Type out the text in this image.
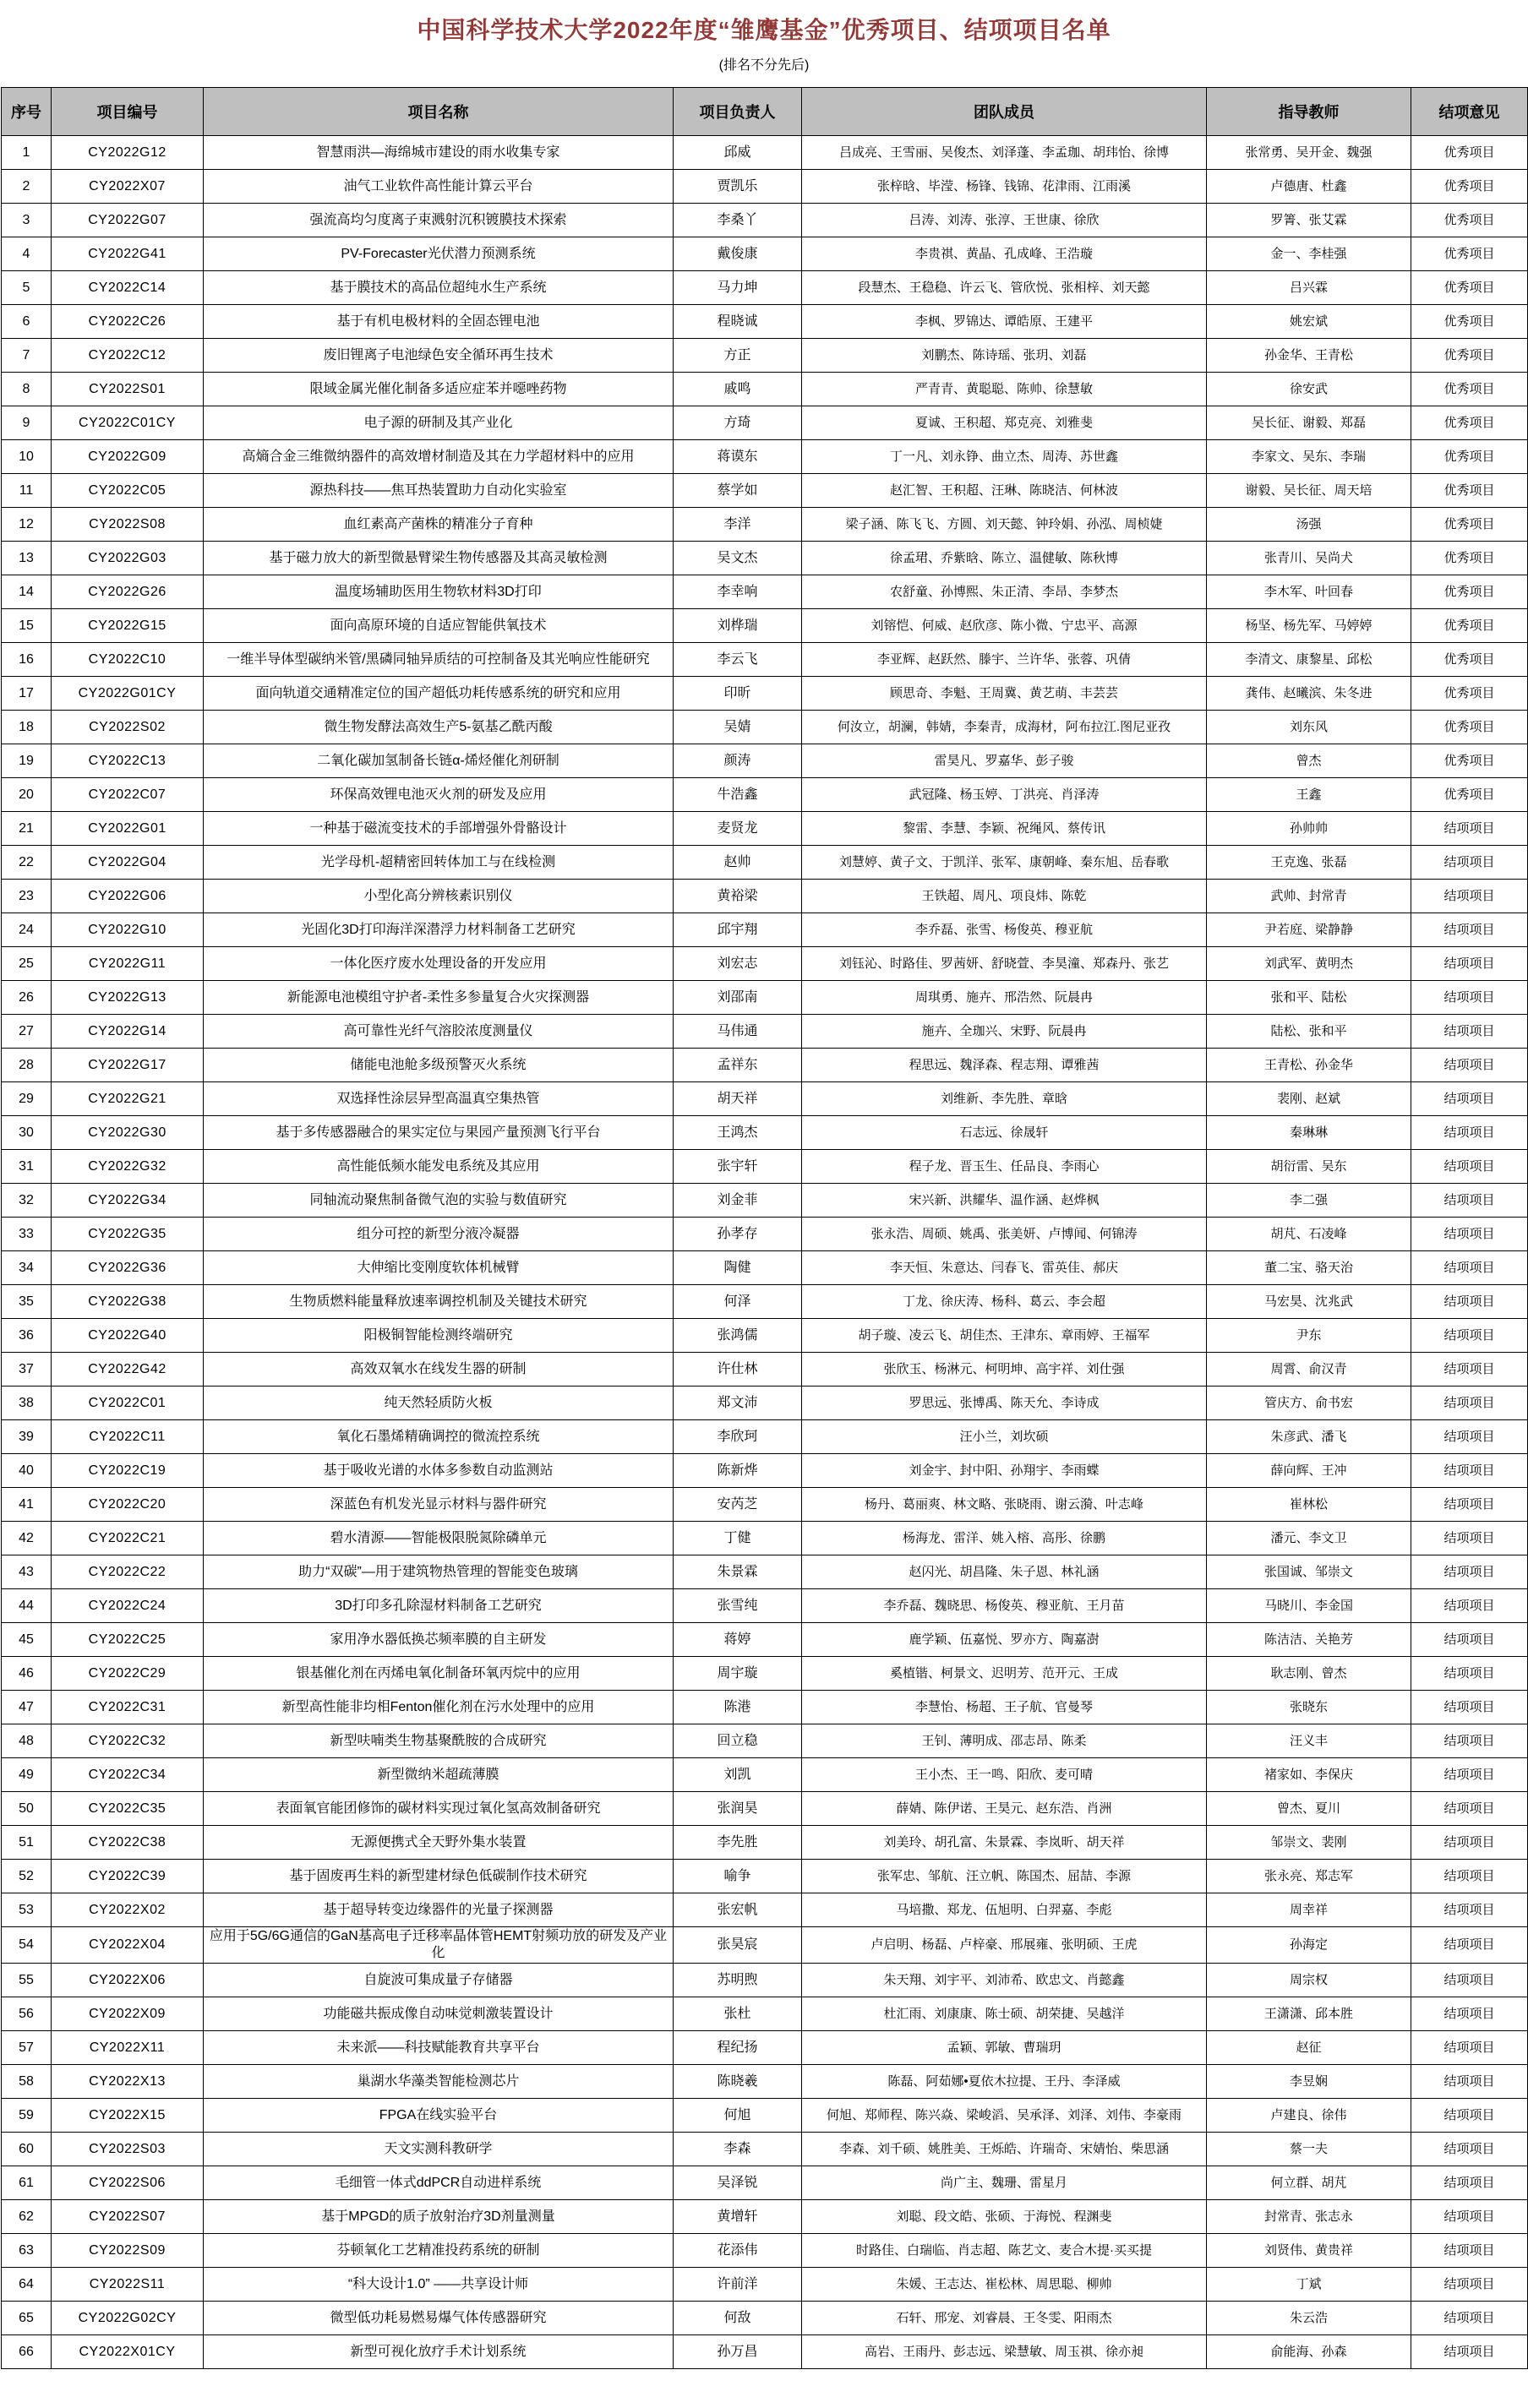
中国科学技术大学2022年度“雏鹰基金”优秀项目、结项项目名单
(排名不分先后)
序号	项目编号	项目名称	项目负责人	团队成员	指导教师	结项意见
1	CY2022G12	智慧雨洪—海绵城市建设的雨水收集专家	邱威	吕成亮、王雪丽、吴俊杰、刘泽蓬、李孟珈、胡玮怡、徐博	张常勇、吴开金、魏强	优秀项目
2	CY2022X07	油气工业软件高性能计算云平台	贾凯乐	张梓晗、毕滢、杨锋、钱锦、花津雨、江雨溪	卢德唐、杜鑫	优秀项目
3	CY2022G07	强流高均匀度离子束溅射沉积镀膜技术探索	李桑丫	吕涛、刘涛、张淳、王世康、徐欣	罗箐、张艾霖	优秀项目
4	CY2022G41	PV-Forecaster光伏潜力预测系统	戴俊康	李贵祺、黄晶、孔成峰、王浩璇	金一、李桂强	优秀项目
5	CY2022C14	基于膜技术的高品位超纯水生产系统	马力坤	段慧杰、王稳稳、许云飞、管欣悦、张相梓、刘天懿	吕兴霖	优秀项目
6	CY2022C26	基于有机电极材料的全固态锂电池	程晓诚	李枫、罗锦达、谭皓原、王建平	姚宏斌	优秀项目
7	CY2022C12	废旧锂离子电池绿色安全循环再生技术	方正	刘鹏杰、陈诗瑶、张玥、刘磊	孙金华、王青松	优秀项目
8	CY2022S01	限域金属光催化制备多适应症苯并噁唑药物	戚鸣	严青青、黄聪聪、陈帅、徐慧敏	徐安武	优秀项目
9	CY2022C01CY	电子源的研制及其产业化	方琦	夏诚、王积超、郑克亮、刘雅斐	吴长征、谢毅、郑磊	优秀项目
10	CY2022G09	高熵合金三维微纳器件的高效增材制造及其在力学超材料中的应用	蒋谟东	丁一凡、刘永铮、曲立杰、周涛、苏世鑫	李家文、吴东、李瑞	优秀项目
11	CY2022C05	源热科技——焦耳热装置助力自动化实验室	蔡学如	赵汇智、王积超、汪琳、陈晓洁、何林波	谢毅、吴长征、周天培	优秀项目
12	CY2022S08	血红素高产菌株的精准分子育种	李洋	梁子涵、陈飞飞、方圆、刘天懿、钟玲娟、孙泓、周桢婕	汤强	优秀项目
13	CY2022G03	基于磁力放大的新型微悬臂梁生物传感器及其高灵敏检测	吴文杰	徐孟珺、乔紫晗、陈立、温健敏、陈秋博	张青川、吴尚犬	优秀项目
14	CY2022G26	温度场辅助医用生物软材料3D打印	李幸响	农舒童、孙博熙、朱正清、李昂、李梦杰	李木军、叶回春	优秀项目
15	CY2022G15	面向高原环境的自适应智能供氧技术	刘桦瑞	刘镕恺、何威、赵欣彦、陈小微、宁忠平、高源	杨坚、杨先军、马婷婷	优秀项目
16	CY2022C10	一维半导体型碳纳米管/黑磷同轴异质结的可控制备及其光响应性能研究	李云飞	李亚辉、赵跃然、滕宇、兰许华、张蓉、巩倩	李清文、康黎星、邱松	优秀项目
17	CY2022G01CY	面向轨道交通精准定位的国产超低功耗传感系统的研究和应用	印昕	顾思奇、李魁、王周冀、黄艺萌、丰芸芸	龚伟、赵曦滨、朱冬进	优秀项目
18	CY2022S02	微生物发酵法高效生产5-氨基乙酰丙酸	吴婧	何汝立，胡澜，韩婧，李秦青，成海材，阿布拉江.图尼亚孜	刘东风	优秀项目
19	CY2022C13	二氧化碳加氢制备长链α-烯烃催化剂研制	颜涛	雷昊凡、罗嘉华、彭子骏	曾杰	优秀项目
20	CY2022C07	环保高效锂电池灭火剂的研发及应用	牛浩鑫	武冠隆、杨玉婷、丁洪亮、肖泽涛	王鑫	优秀项目
21	CY2022G01	一种基于磁流变技术的手部增强外骨骼设计	麦贤龙	黎雷、李慧、李颖、祝绳风、蔡传讯	孙帅帅	结项项目
22	CY2022G04	光学母机-超精密回转体加工与在线检测	赵帅	刘慧婷、黄子文、于凯洋、张军、康朝峰、秦东旭、岳春歌	王克逸、张磊	结项项目
23	CY2022G06	小型化高分辨核素识别仪	黄裕梁	王铁超、周凡、项良炜、陈乾	武帅、封常青	结项项目
24	CY2022G10	光固化3D打印海洋深潜浮力材料制备工艺研究	邱宇翔	李乔磊、张雪、杨俊英、穆亚航	尹若庭、梁静静	结项项目
25	CY2022G11	一体化医疗废水处理设备的开发应用	刘宏志	刘钰沁、时路佳、罗茜妍、舒晓萱、李昊潼、郑森丹、张艺	刘武军、黄明杰	结项项目
26	CY2022G13	新能源电池模组守护者-柔性多参量复合火灾探测器	刘邵南	周琪勇、施卉、邢浩然、阮晨冉	张和平、陆松	结项项目
27	CY2022G14	高可靠性光纤气溶胶浓度测量仪	马伟通	施卉、全珈兴、宋野、阮晨冉	陆松、张和平	结项项目
28	CY2022G17	储能电池舱多级预警灭火系统	孟祥东	程思远、魏泽森、程志翔、谭雅茜	王青松、孙金华	结项项目
29	CY2022G21	双选择性涂层异型高温真空集热管	胡天祥	刘维新、李先胜、章晗	裴刚、赵斌	结项项目
30	CY2022G30	基于多传感器融合的果实定位与果园产量预测飞行平台	王鸿杰	石志远、徐晟轩	秦琳琳	结项项目
31	CY2022G32	高性能低频水能发电系统及其应用	张宇轩	程子龙、晋玉生、任品良、李雨心	胡衍雷、吴东	结项项目
32	CY2022G34	同轴流动聚焦制备微气泡的实验与数值研究	刘金菲	宋兴新、洪耀华、温作涵、赵烨枫	李二强	结项项目
33	CY2022G35	组分可控的新型分液冷凝器	孙孝存	张永浩、周硕、姚禹、张美妍、卢博闻、何锦涛	胡芃、石凌峰	结项项目
34	CY2022G36	大伸缩比变刚度软体机械臂	陶健	李天恒、朱意达、闫春飞、雷英佳、郝庆	董二宝、骆天治	结项项目
35	CY2022G38	生物质燃料能量释放速率调控机制及关键技术研究	何泽	丁龙、徐庆涛、杨科、葛云、李会超	马宏昊、沈兆武	结项项目
36	CY2022G40	阳极铜智能检测终端研究	张鸿儒	胡子璇、凌云飞、胡佳杰、王津东、章雨婷、王福军	尹东	结项项目
37	CY2022G42	高效双氧水在线发生器的研制	许仕林	张欣玉、杨淋元、柯明坤、高宇祥、刘仕强	周霄、俞汉青	结项项目
38	CY2022C01	纯天然轻质防火板	郑文沛	罗思远、张博禹、陈天允、李诗成	管庆方、俞书宏	结项项目
39	CY2022C11	氧化石墨烯精确调控的微流控系统	李欣珂	汪小兰，刘坎硕	朱彦武、潘飞	结项项目
40	CY2022C19	基于吸收光谱的水体多参数自动监测站	陈新烨	刘金宇、封中阳、孙翔宇、李雨蝶	薛向辉、王冲	结项项目
41	CY2022C20	深蓝色有机发光显示材料与器件研究	安芮芝	杨丹、葛丽爽、林文略、张晓雨、谢云漪、叶志峰	崔林松	结项项目
42	CY2022C21	碧水清源——智能极限脱氮除磷单元	丁健	杨海龙、雷洋、姚入榕、高彤、徐鹏	潘元、李文卫	结项项目
43	CY2022C22	助力“双碳”—用于建筑物热管理的智能变色玻璃	朱景霖	赵闪光、胡昌隆、朱子恩、林礼涵	张国诚、邹崇文	结项项目
44	CY2022C24	3D打印多孔除湿材料制备工艺研究	张雪纯	李乔磊、魏晓思、杨俊英、穆亚航、王月苗	马晓川、李金国	结项项目
45	CY2022C25	家用净水器低换芯频率膜的自主研发	蒋婷	鹿学颖、伍嘉悦、罗亦方、陶嘉澍	陈洁洁、关艳芳	结项项目
46	CY2022C29	银基催化剂在丙烯电氧化制备环氧丙烷中的应用	周宇璇	奚植锴、柯景文、迟明芳、范开元、王成	耿志刚、曾杰	结项项目
47	CY2022C31	新型高性能非均相Fenton催化剂在污水处理中的应用	陈港	李慧怡、杨超、王子航、官曼琴	张晓东	结项项目
48	CY2022C32	新型呋喃类生物基聚酰胺的合成研究	回立稳	王钊、薄明成、邵志昂、陈柔	汪义丰	结项项目
49	CY2022C34	新型微纳米超疏薄膜	刘凯	王小杰、王一鸣、阳欣、麦可晴	褚家如、李保庆	结项项目
50	CY2022C35	表面氧官能团修饰的碳材料实现过氧化氢高效制备研究	张润昊	薛婧、陈伊诺、王昊元、赵东浩、肖洲	曾杰、夏川	结项项目
51	CY2022C38	无源便携式全天野外集水装置	李先胜	刘美玲、胡孔富、朱景霖、李岚昕、胡天祥	邹崇文、裴刚	结项项目
52	CY2022C39	基于固废再生料的新型建材绿色低碳制作技术研究	喻争	张军忠、邹航、汪立帆、陈国杰、屈喆、李源	张永亮、郑志军	结项项目
53	CY2022X02	基于超导转变边缘器件的光量子探测器	张宏帆	马培撒、郑龙、伍旭明、白羿嘉、李彪	周幸祥	结项项目
54	CY2022X04	应用于5G/6G通信的GaN基高电子迁移率晶体管HEMT射频功放的研发及产业化	张昊宸	卢启明、杨磊、卢梓豪、邢展雍、张明硕、王虎	孙海定	结项项目
55	CY2022X06	自旋波可集成量子存储器	苏明煦	朱天翔、刘宇平、刘沛希、欧忠文、肖懿鑫	周宗权	结项项目
56	CY2022X09	功能磁共振成像自动味觉刺激装置设计	张杜	杜汇雨、刘康康、陈士硕、胡荣捷、吴越洋	王潇潇、邱本胜	结项项目
57	CY2022X11	未来派——科技赋能教育共享平台	程纪扬	孟颖、郭敏、曹瑞玥	赵征	结项项目
58	CY2022X13	巢湖水华藻类智能检测芯片	陈晓羲	陈磊、阿茹娜•夏依木拉提、王丹、李泽威	李昱娴	结项项目
59	CY2022X15	FPGA在线实验平台	何旭	何旭、郑师程、陈兴焱、梁峻滔、吴承泽、刘泽、刘伟、李豪雨	卢建良、徐伟	结项项目
60	CY2022S03	天文实测科教研学	李森	李森、刘千硕、姚胜美、王烁皓、许瑞奇、宋婧怡、柴思涵	蔡一夫	结项项目
61	CY2022S06	毛细管一体式ddPCR自动进样系统	吴泽锐	尚广主、魏珊、雷星月	何立群、胡芃	结项项目
62	CY2022S07	基于MPGD的质子放射治疗3D剂量测量	黄增轩	刘聪、段文皓、张硕、于海悦、程渊斐	封常青、张志永	结项项目
63	CY2022S09	芬顿氧化工艺精准投药系统的研制	花添伟	时路佳、白瑞临、肖志超、陈艺文、麦合木提·买买提	刘贤伟、黄贵祥	结项项目
64	CY2022S11	“科大设计1.0” ——共享设计师	许前洋	朱媛、王志达、崔松林、周思聪、柳帅	丁斌	结项项目
65	CY2022G02CY	微型低功耗易燃易爆气体传感器研究	何敌	石轩、邢宠、刘睿晨、王冬雯、阳雨杰	朱云浩	结项项目
66	CY2022X01CY	新型可视化放疗手术计划系统	孙万昌	高岩、王雨丹、彭志远、梁慧敏、周玉祺、徐亦昶	俞能海、孙森	结项项目
